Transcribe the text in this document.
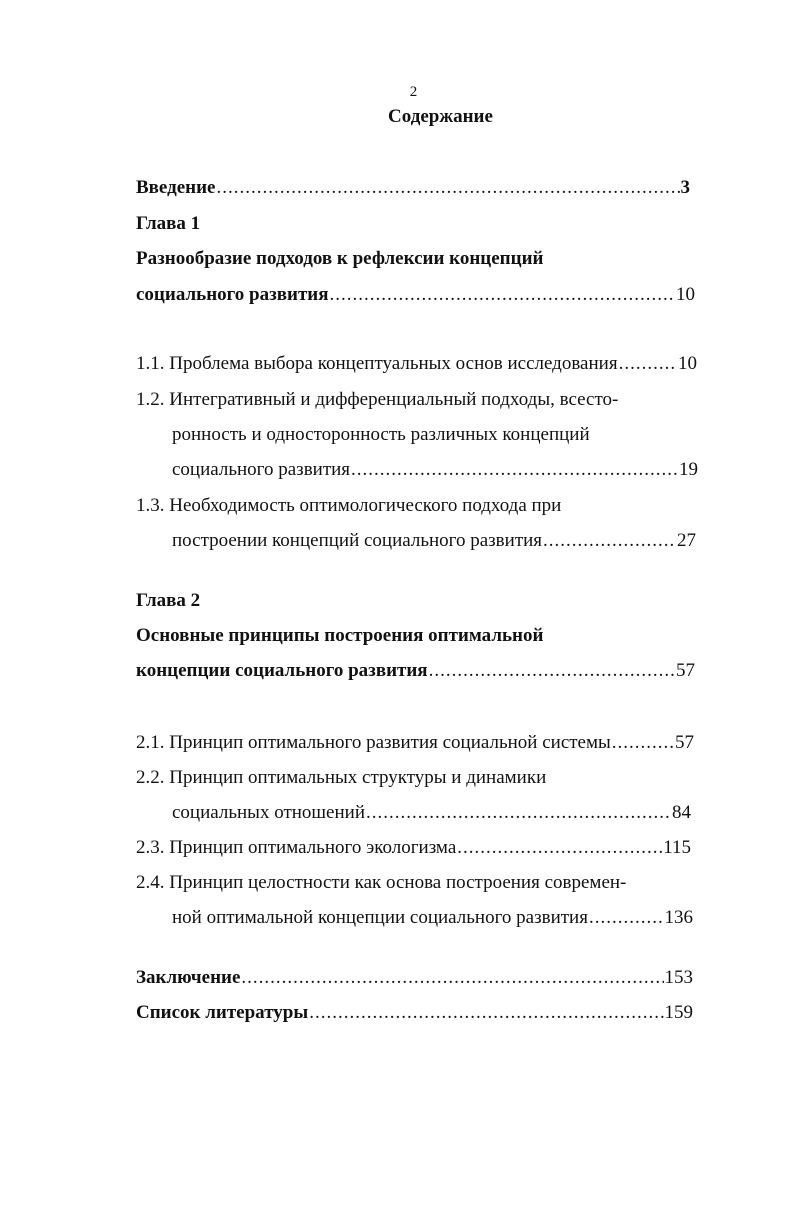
2
Содержание
Введение .....	3
Глава 1
Разнообразие подходов к рефлексии концепций
социального развития .....	10
1.1. Проблема выбора концептуальных основ исследования .....	10
1.2. Интегративный и дифференциальный подходы, всесто-
ронность и односторонность различных концепций
социального развития .....	19
1.3. Необходимость оптимологического подхода при
построении концепций социального развития .....	27
Глава 2
Основные принципы построения оптимальной
концепции социального развития .....	57
2.1. Принцип оптимального развития социальной системы .....	57
2.2. Принцип оптимальных структуры и динамики
социальных отношений .....	84
2.3. Принцип оптимального экологизма .....	115
2.4. Принцип целостности как основа построения современ-
ной оптимальной концепции социального развития .....	136
Заключение .....	153
Список литературы .....	159
